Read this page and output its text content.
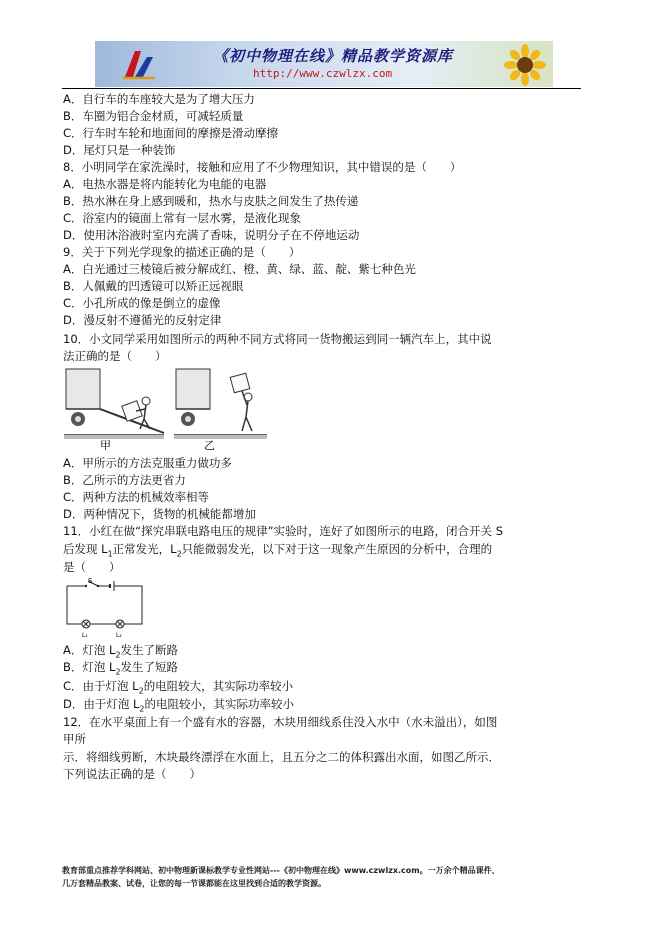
《初中物理在线》精品教学资源库
http://www.czwlzx.com
A．自行车的车座较大是为了增大压力
B．车圈为铝合金材质，可减轻质量
C．行车时车轮和地面间的摩擦是滑动摩擦
D．尾灯只是一种装饰
8．小明同学在家洗澡时，接触和应用了不少物理知识，其中错误的是（　　）
A．电热水器是将内能转化为电能的电器
B．热水淋在身上感到暖和，热水与皮肤之间发生了热传递
C．浴室内的镜面上常有一层水雾，是液化现象
D．使用沐浴液时室内充满了香味，说明分子在不停地运动
9．关于下列光学现象的描述正确的是（　　）
A．白光通过三棱镜后被分解成红、橙、黄、绿、蓝、靛、紫七种色光
B．人佩戴的凹透镜可以矫正远视眼
C．小孔所成的像是倒立的虚像
D．漫反射不遵循光的反射定律
10．小文同学采用如图所示的两种不同方式将同一货物搬运到同一辆汽车上，其中说
法正确的是（　　）
甲	乙
A．甲所示的方法克服重力做功多
B．乙所示的方法更省力
C．两种方法的机械效率相等
D．两种情况下，货物的机械能都增加
11．小红在做“探究串联电路电压的规律”实验时，连好了如图所示的电路，闭合开关 S
后发现 $L_1$正常发光，$L_2$只能微弱发光，以下对于这一现象产生原因的分析中，合理的
是（　　）
S
L₁	L₂
A．灯泡 $L_2$发生了断路
B．灯泡 $L_2$发生了短路
C．由于灯泡 $L_2$的电阻较大，其实际功率较小
D．由于灯泡 $L_2$的电阻较小，其实际功率较小
12．在水平桌面上有一个盛有水的容器，木块用细线系住没入水中（水未溢出），如图
甲所
示．将细线剪断，木块最终漂浮在水面上，且五分之二的体积露出水面，如图乙所示．
下列说法正确的是（　　）
教育部重点推荐学科网站、初中物理新课标教学专业性网站---《初中物理在线》www.czwlzx.com。一万余个精品课件、
几万套精品教案、试卷，让您的每一节课都能在这里找到合适的教学资源。
